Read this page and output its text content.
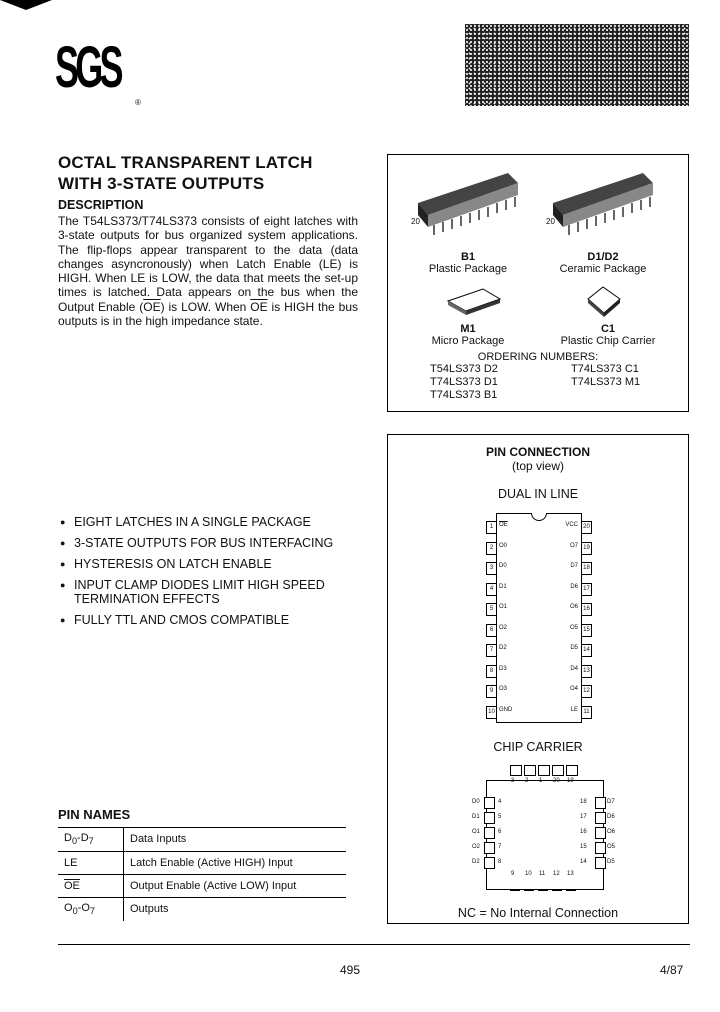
SGS
®
OCTAL TRANSPARENT LATCH
WITH 3-STATE OUTPUTS
DESCRIPTION
The T54LS373/T74LS373 consists of eight latches with 3-state outputs for bus organized system applications. The flip-flops appear transparent to the data (data changes asyncronously) when Latch Enable (LE) is HIGH. When LE is LOW, the data that meets the set-up times is latched. Data appears on the bus when the Output Enable $(\overline{OE})$ is LOW. When $\overline{OE}$ is HIGH the bus outputs is in the high impedance state.
● EIGHT LATCHES IN A SINGLE PACKAGE
● 3-STATE OUTPUTS FOR BUS INTERFACING
● HYSTERESIS ON LATCH ENABLE
● INPUT CLAMP DIODES LIMIT HIGH SPEED
TERMINATION EFFECTS
● FULLY TTL AND CMOS COMPATIBLE
PIN NAMES
$D_0-D_7$	Data Inputs
LE	Latch Enable (Active HIGH) Input
$\overline{OE}$	Output Enable (Active LOW) Input
$O_0-O_7$	Outputs
20	20
B1
Plastic Package
D1/D2
Ceramic Package
M1
Micro Package
C1
Plastic Chip Carrier
ORDERING NUMBERS:
T54LS373 D2	T74LS373 C1
T74LS373 D1	T74LS373 M1
T74LS373 B1
PIN CONNECTION
(top view)
DUAL IN LINE
1 $\overline{OE}$
2 O0
3 D0
4 D1
5 O1
6 O2
7 D2
8 D3
9 O3
10 GND
20
VCC
19
O7
18
D7
17
D6
16
O6
15
O5
14
D5
13
D4
12
O4
11
LE
CHIP CARRIER
3 2 1 20 19
9 10 11 12 13
D0	4
D1	5
O1	6
O2	7
D2	8
D7
18
D6
17
O6
16
O5
15
D5
14
NC = No Internal Connection
495	4/87
